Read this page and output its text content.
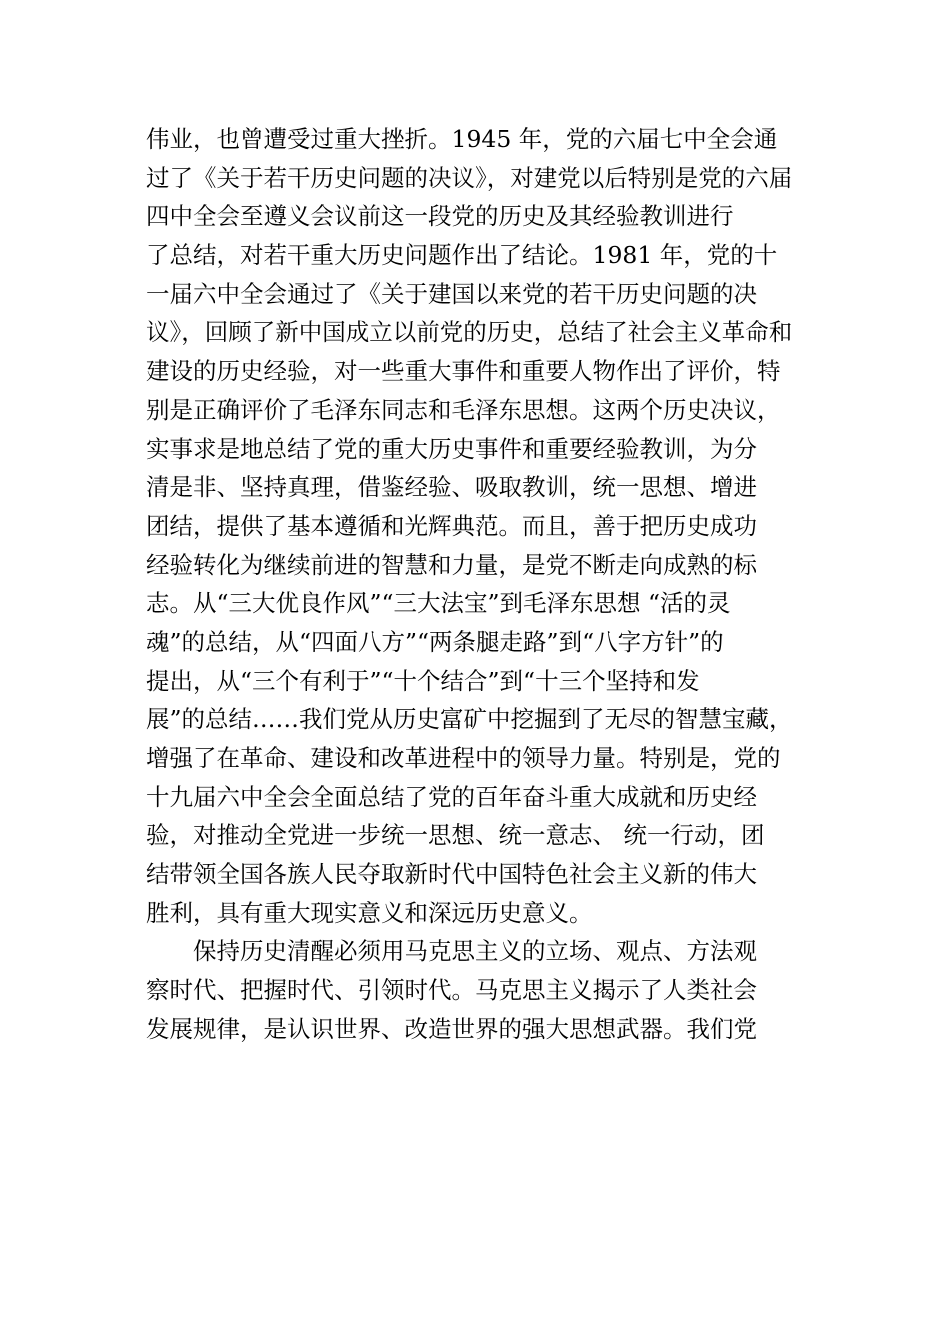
伟业，也曾遭受过重大挫折。1945 年，党的六届七中全会通
过了《关于若干历史问题的决议》，对建党以后特别是党的六届
四中全会至遵义会议前这一段党的历史及其经验教训进行
了总结，对若干重大历史问题作出了结论。1981 年，党的十
一届六中全会通过了《关于建国以来党的若干历史问题的决
议》，回顾了新中国成立以前党的历史，总结了社会主义革命和
建设的历史经验，对一些重大事件和重要人物作出了评价，特
别是正确评价了毛泽东同志和毛泽东思想。这两个历史决议，
实事求是地总结了党的重大历史事件和重要经验教训，为分
清是非、坚持真理，借鉴经验、吸取教训，统一思想、增进
团结，提供了基本遵循和光辉典范。而且，善于把历史成功
经验转化为继续前进的智慧和力量，是党不断走向成熟的标
志。从“三大优良作风”“三大法宝”到毛泽东思想 “活的灵
魂”的总结，从“四面八方”“两条腿走路”到“八字方针”的
提出，从“三个有利于”“十个结合”到“十三个坚持和发
展”的总结……我们党从历史富矿中挖掘到了无尽的智慧宝藏，
增强了在革命、建设和改革进程中的领导力量。特别是，党的
十九届六中全会全面总结了党的百年奋斗重大成就和历史经
验，对推动全党进一步统一思想、统一意志、 统一行动，团
结带领全国各族人民夺取新时代中国特色社会主义新的伟大
胜利，具有重大现实意义和深远历史意义。
保持历史清醒必须用马克思主义的立场、观点、方法观
察时代、把握时代、引领时代。马克思主义揭示了人类社会
发展规律，是认识世界、改造世界的强大思想武器。我们党
